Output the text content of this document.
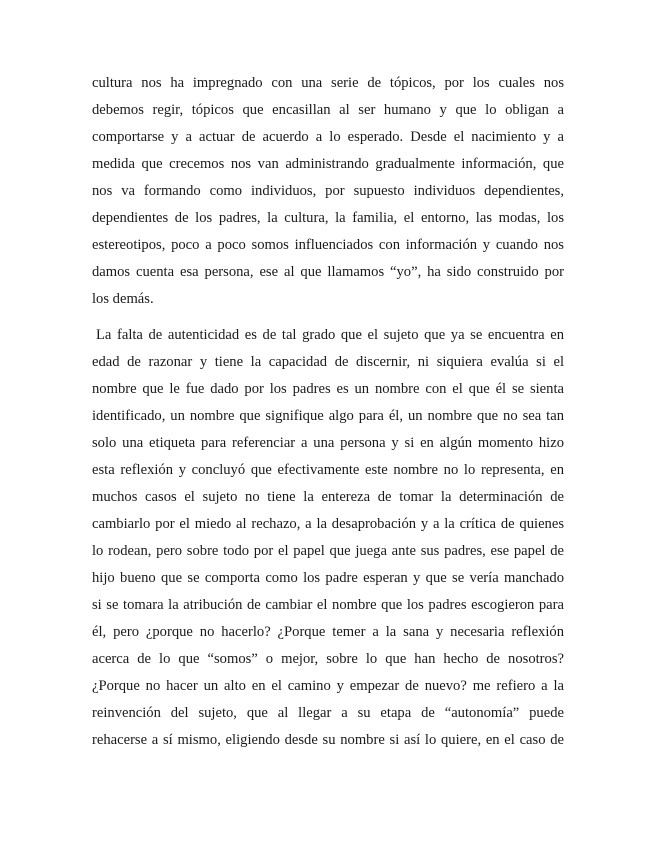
cultura nos ha impregnado con una serie de tópicos, por los cuales nos
debemos regir, tópicos que encasillan al ser humano y que lo obligan a
comportarse y a actuar de acuerdo a lo esperado. Desde el nacimiento y a
medida que crecemos nos van administrando gradualmente información, que
nos va formando como individuos, por supuesto individuos dependientes,
dependientes de los padres, la cultura, la familia, el entorno, las modas, los
estereotipos, poco a poco somos influenciados con información y cuando nos
damos cuenta esa persona, ese al que llamamos “yo”, ha sido construido por
los demás.
La falta de autenticidad es de tal grado que el sujeto que ya se encuentra en
edad de razonar y tiene la capacidad de discernir, ni siquiera evalúa si el
nombre que le fue dado por los padres es un nombre con el que él se sienta
identificado, un nombre que signifique algo para él, un nombre que no sea tan
solo una etiqueta para referenciar a una persona y si en algún momento hizo
esta reflexión y concluyó que efectivamente este nombre no lo representa, en
muchos casos el sujeto no tiene la entereza de tomar la determinación de
cambiarlo por el miedo al rechazo, a la desaprobación y a la crítica de quienes
lo rodean, pero sobre todo por el papel que juega ante sus padres, ese papel de
hijo bueno que se comporta como los padre esperan y que se vería manchado
si se tomara la atribución de cambiar el nombre que los padres escogieron para
él, pero ¿porque no hacerlo? ¿Porque temer a la sana y necesaria reflexión
acerca de lo que “somos” o mejor, sobre lo que han hecho de nosotros?
¿Porque no hacer un alto en el camino y empezar de nuevo? me refiero a la
reinvención del sujeto, que al llegar a su etapa de “autonomía” puede
rehacerse a sí mismo, eligiendo desde su nombre si así lo quiere, en el caso de
